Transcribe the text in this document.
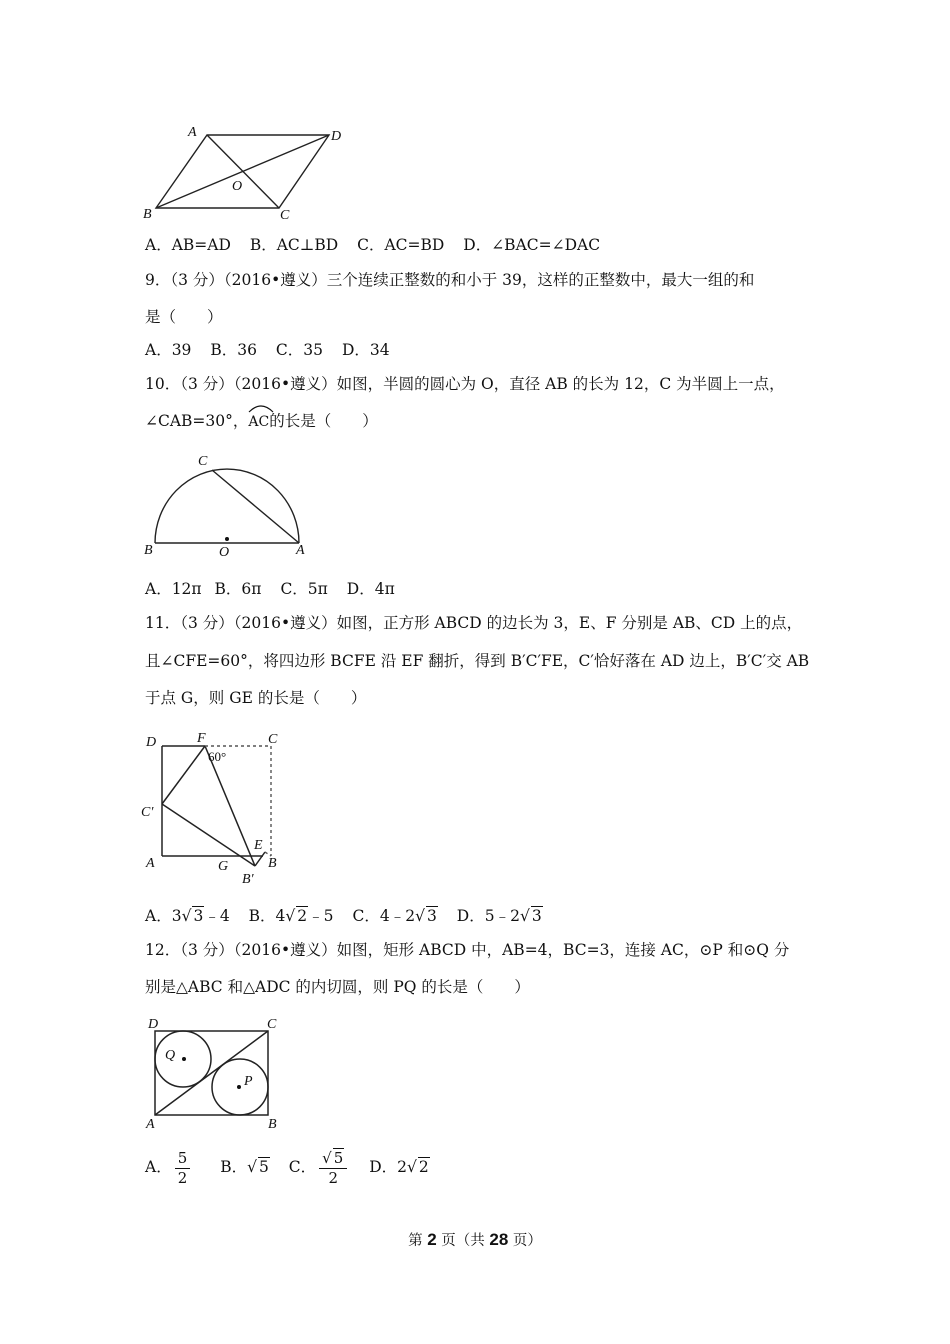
A	D
O
B	C
A．AB=AD B．AC⊥BD C．AC=BD D．∠BAC=∠DAC
9．（3 分）（2016•遵义）三个连续正整数的和小于 39，这样的正整数中，最大一组的和
是（　　）
A．39 B．36 C．35 D．34
10．（3 分）（2016•遵义）如图，半圆的圆心为 O，直径 AB 的长为 12，C 为半圆上一点，
∠CAB=30°，
AC的长是（　　）
C
B	O	A
A．12π B．6π C．5π D．4π
11．（3 分）（2016•遵义）如图，正方形 ABCD 的边长为 3，E、F 分别是 AB、CD 上的点，
且∠CFE=60°，将四边形 BCFE 沿 EF 翻折，得到 B′C′FE，C′恰好落在 AD 边上，B′C′交 AB
于点 G，则 GE 的长是（　　）
D	F	C
60°
C′
A	G
E
B
B′
A．3√ 3﹣4 B．4√ 2﹣5 C．4﹣2√ 3 D．5﹣2√ 3
12．（3 分）（2016•遵义）如图，矩形 ABCD 中，AB=4，BC=3，连接 AC，⊙P 和⊙Q 分
别是△ABC 和△ADC 的内切圆，则 PQ 的长是（　　）
D	C
Q
P
A	B
A． $\frac{5}{2}$ B．√ 5 C． $\frac{√ 5}{2}$ D．2√ 2
第 2 页（共 28 页）
